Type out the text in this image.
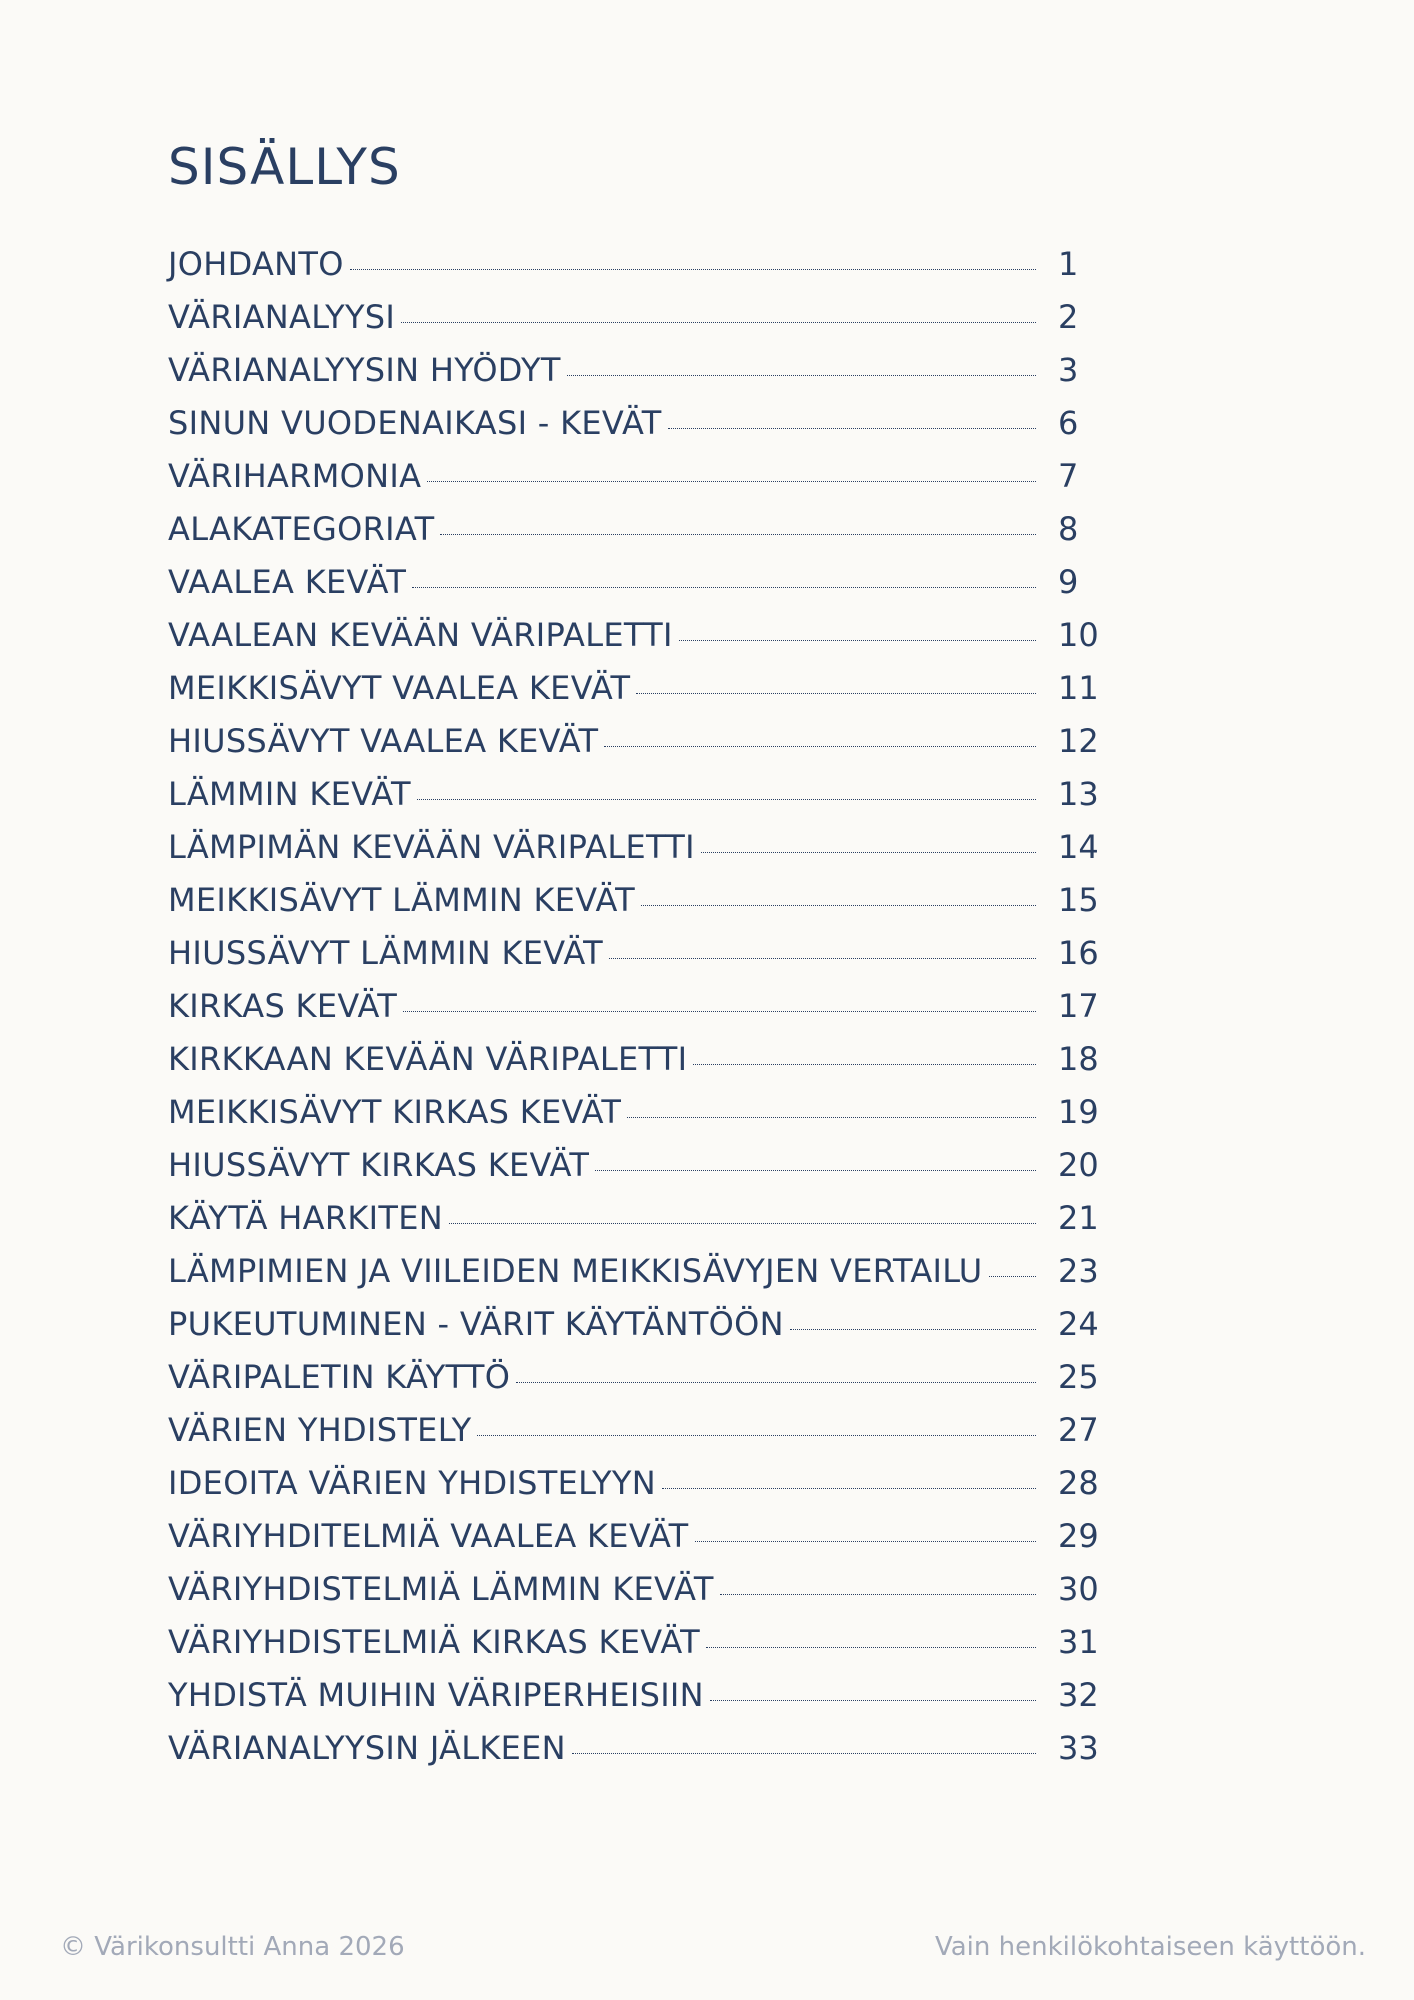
SISÄLLYS
JOHDANTO	1
VÄRIANALYYSI	2
VÄRIANALYYSIN HYÖDYT	3
SINUN VUODENAIKASI - KEVÄT	6
VÄRIHARMONIA	7
ALAKATEGORIAT	8
VAALEA KEVÄT	9
VAALEAN KEVÄÄN VÄRIPALETTI	10
MEIKKISÄVYT VAALEA KEVÄT	11
HIUSSÄVYT VAALEA KEVÄT	12
LÄMMIN KEVÄT	13
LÄMPIMÄN KEVÄÄN VÄRIPALETTI	14
MEIKKISÄVYT LÄMMIN KEVÄT	15
HIUSSÄVYT LÄMMIN KEVÄT	16
KIRKAS KEVÄT	17
KIRKKAAN KEVÄÄN VÄRIPALETTI	18
MEIKKISÄVYT KIRKAS KEVÄT	19
HIUSSÄVYT KIRKAS KEVÄT	20
KÄYTÄ HARKITEN	21
LÄMPIMIEN JA VIILEIDEN MEIKKISÄVYJEN VERTAILU	23
PUKEUTUMINEN - VÄRIT KÄYTÄNTÖÖN	24
VÄRIPALETIN KÄYTTÖ	25
VÄRIEN YHDISTELY	27
IDEOITA VÄRIEN YHDISTELYYN	28
VÄRIYHDITELMIÄ VAALEA KEVÄT	29
VÄRIYHDISTELMIÄ LÄMMIN KEVÄT	30
VÄRIYHDISTELMIÄ KIRKAS KEVÄT	31
YHDISTÄ MUIHIN VÄRIPERHEISIIN	32
VÄRIANALYYSIN JÄLKEEN	33
© Värikonsultti Anna 2026	Vain henkilökohtaiseen käyttöön.
